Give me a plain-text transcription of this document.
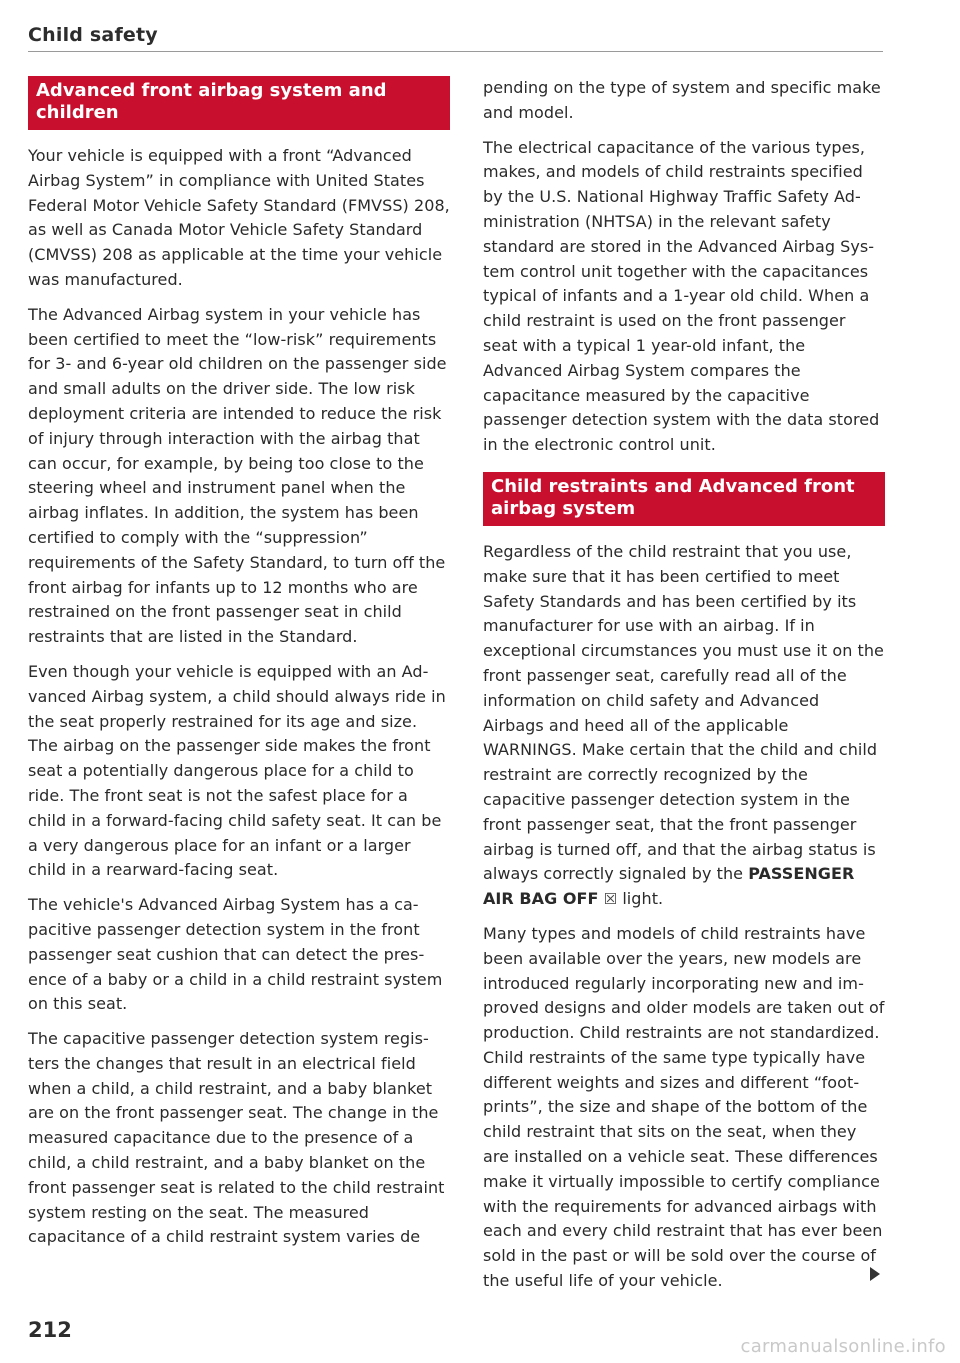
Child safety
Advanced front airbag system and children

Your vehicle is equipped with a front “Advanced Airbag System” in compliance with United States Federal Motor Vehicle Safety Standard (FMVSS) 208, as well as Canada Motor Vehicle Safety Standard (CMVSS) 208 as applicable at the time your vehicle was manufactured.

The Advanced Airbag system in your vehicle has been certified to meet the “low-risk” requirements for 3- and 6-year old children on the passenger side and small adults on the driver side. The low risk deployment criteria are intended to reduce the risk of injury through interaction with the airbag that can occur, for example, by being too close to the steering wheel and instrument panel when the airbag inflates. In addition, the system has been certified to comply with the “suppression” requirements of the Safety Standard, to turn off the front airbag for infants up to 12 months who are restrained on the front passenger seat in child restraints that are listed in the Standard.

Even though your vehicle is equipped with an Advanced Airbag system, a child should always ride in the seat properly restrained for its age and size. The airbag on the passenger side makes the front seat a potentially dangerous place for a child to ride. The front seat is not the safest place for a child in a forward-facing child safety seat. It can be a very dangerous place for an infant or a larger child in a rearward-facing seat.

The vehicle's Advanced Airbag System has a capacitive passenger detection system in the front passenger seat cushion that can detect the presence of a baby or a child in a child restraint system on this seat.

The capacitive passenger detection system registers the changes that result in an electrical field when a child, a child restraint, and a baby blanket are on the front passenger seat. The change in the measured capacitance due to the presence of a child, a child restraint, and a baby blanket on the front passenger seat is related to the child restraint system resting on the seat. The measured capacitance of a child restraint system varies de

pending on the type of system and specific make and model.

The electrical capacitance of the various types, makes, and models of child restraints specified by the U.S. National Highway Traffic Safety Administration (NHTSA) in the relevant safety standard are stored in the Advanced Airbag System control unit together with the capacitances typical of infants and a 1-year old child. When a child restraint is used on the front passenger seat with a typical 1 year-old infant, the Advanced Airbag System compares the capacitance measured by the capacitive passenger detection system with the data stored in the electronic control unit.

Child restraints and Advanced front airbag system

Regardless of the child restraint that you use, make sure that it has been certified to meet Safety Standards and has been certified by its manufacturer for use with an airbag. If in exceptional circumstances you must use it on the front passenger seat, carefully read all of the information on child safety and Advanced Airbags and heed all of the applicable WARNINGS. Make certain that the child and child restraint are correctly recognized by the capacitive passenger detection system in the front passenger seat, that the front passenger airbag is turned off, and that the airbag status is always correctly signaled by the PASSENGER AIR BAG OFF ☒ light.

Many types and models of child restraints have been available over the years, new models are introduced regularly incorporating new and improved designs and older models are taken out of production. Child restraints are not standardized. Child restraints of the same type typically have different weights and sizes and different “footprints”, the size and shape of the bottom of the child restraint that sits on the seat, when they are installed on a vehicle seat. These differences make it virtually impossible to certify compliance with the requirements for advanced airbags with each and every child restraint that has ever been sold in the past or will be sold over the course of the useful life of your vehicle.

212
carmanualsonline.info
